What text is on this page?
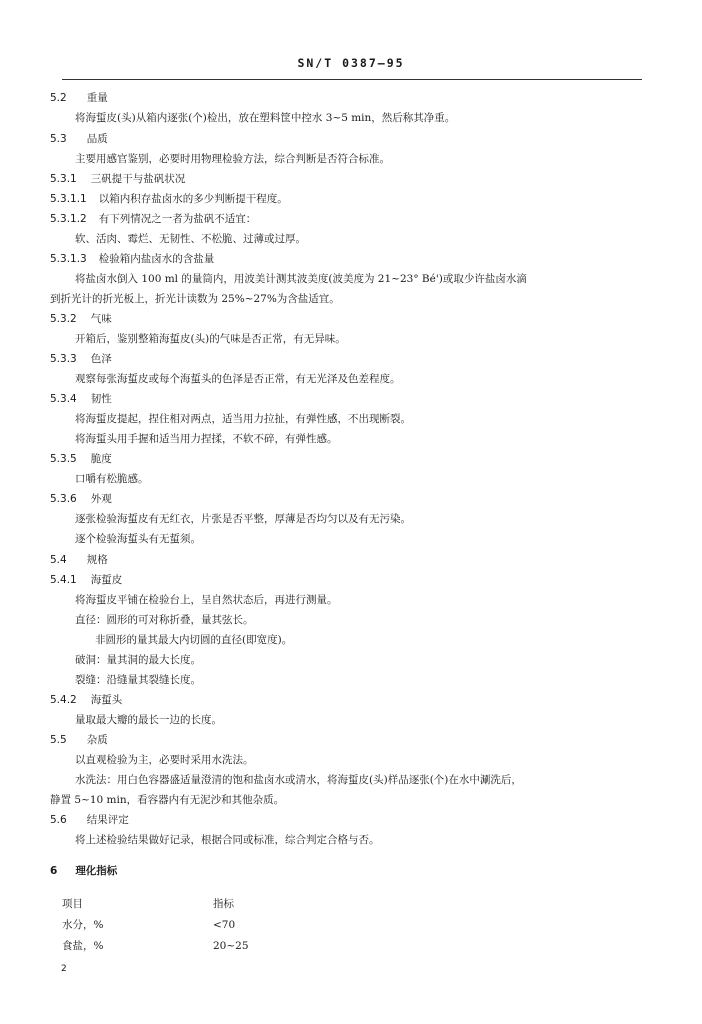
SN/T 0387—95
5.2 重量
将海蜇皮(头)从箱内逐张(个)检出，放在塑料筐中控水 3~5 min，然后称其净重。
5.3 品质
主要用感官鉴别，必要时用物理检验方法，综合判断是否符合标准。
5.3.1 三矾提干与盐矾状况
5.3.1.1 以箱内积存盐卤水的多少判断提干程度。
5.3.1.2 有下列情况之一者为盐矾不适宜：
软、活肉、霉烂、无韧性、不松脆、过薄或过厚。
5.3.1.3 检验箱内盐卤水的含盐量
将盐卤水倒入 100 ml 的量筒内，用波美计测其波美度(波美度为 21~23° Bé')或取少许盐卤水滴
到折光计的折光板上，折光计读数为 25%~27%为含盐适宜。
5.3.2 气味
开箱后，鉴别整箱海蜇皮(头)的气味是否正常，有无异味。
5.3.3 色泽
观察每张海蜇皮或每个海蜇头的色泽是否正常，有无光泽及色差程度。
5.3.4 韧性
将海蜇皮提起，捏住相对两点，适当用力拉扯，有弹性感，不出现断裂。
将海蜇头用手握和适当用力捏揉，不软不碎，有弹性感。
5.3.5 脆度
口嚼有松脆感。
5.3.6 外观
逐张检验海蜇皮有无红衣，片张是否平整，厚薄是否均匀以及有无污染。
逐个检验海蜇头有无蜇须。
5.4 规格
5.4.1 海蜇皮
将海蜇皮平铺在检验台上，呈自然状态后，再进行测量。
直径：圆形的可对称折叠，量其弦长。
非圆形的量其最大内切圆的直径(即宽度)。
破洞：量其洞的最大长度。
裂缝：沿缝量其裂缝长度。
5.4.2 海蜇头
量取最大瓣的最长一边的长度。
5.5 杂质
以直观检验为主，必要时采用水洗法。
水洗法：用白色容器盛适量澄清的饱和盐卤水或清水，将海蜇皮(头)样品逐张(个)在水中涮洗后，
静置 5~10 min，看容器内有无泥沙和其他杂质。
5.6 结果评定
将上述检验结果做好记录，根据合同或标准，综合判定合格与否。
6 理化指标
项目	指标
水分，%	<70
食盐，%	20~25
2
